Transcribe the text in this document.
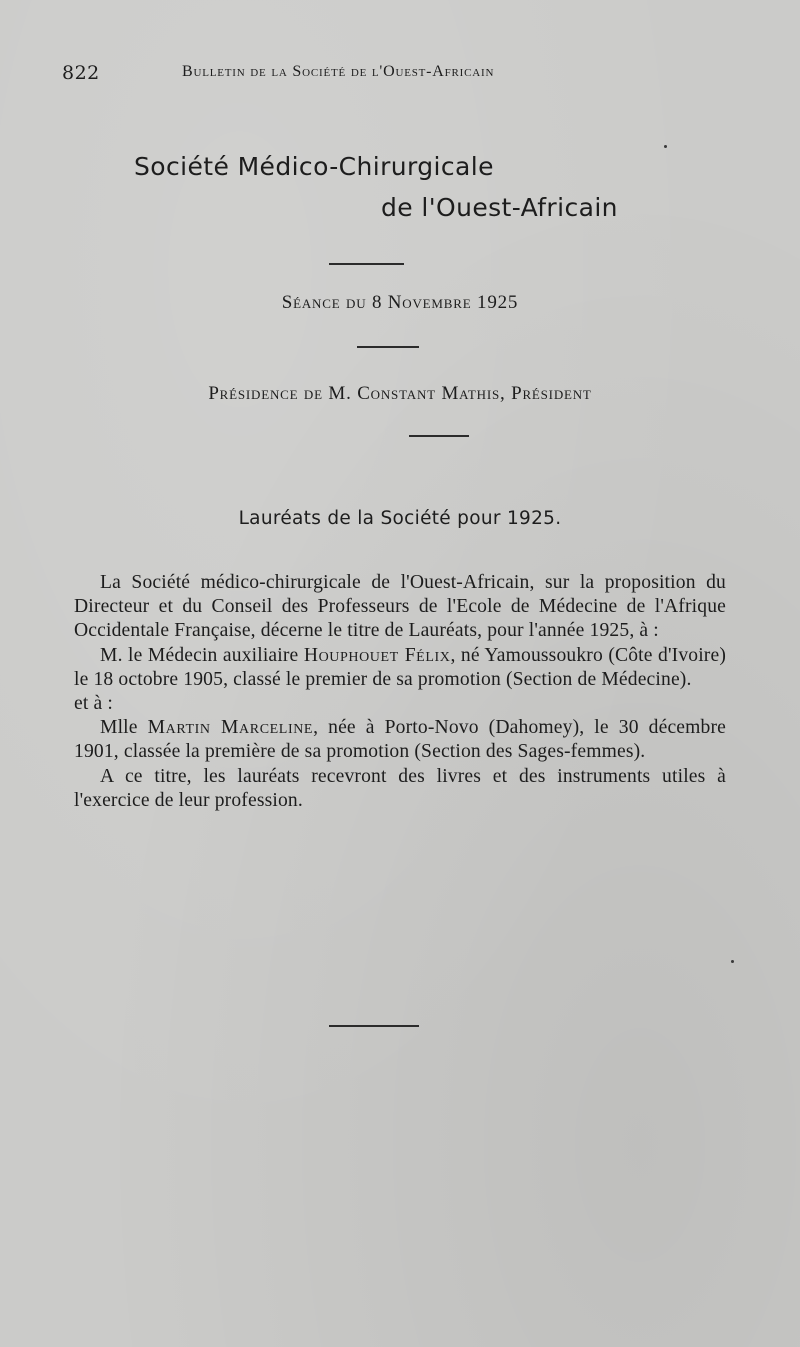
822	Bulletin de la Société de l'Ouest-Africain
Société Médico-Chirurgicale
de l'Ouest-Africain
Séance du 8 Novembre 1925
Présidence de M. Constant Mathis, Président
Lauréats de la Société pour 1925.

La Société médico-chirurgicale de l'Ouest-Africain, sur la proposition du Directeur et du Conseil des Professeurs de l'Ecole de Médecine de l'Afrique Occidentale Française, décerne le titre de Lauréats, pour l'année 1925, à :

M. le Médecin auxiliaire Houphouet Félix, né Yamoussoukro (Côte d'Ivoire) le 18 octobre 1905, classé le premier de sa promotion (Section de Médecine).

et à :

Mlle Martin Marceline, née à Porto-Novo (Dahomey), le 30 décembre 1901, classée la première de sa promotion (Section des Sages-femmes).

A ce titre, les lauréats recevront des livres et des instruments utiles à l'exercice de leur profession.
